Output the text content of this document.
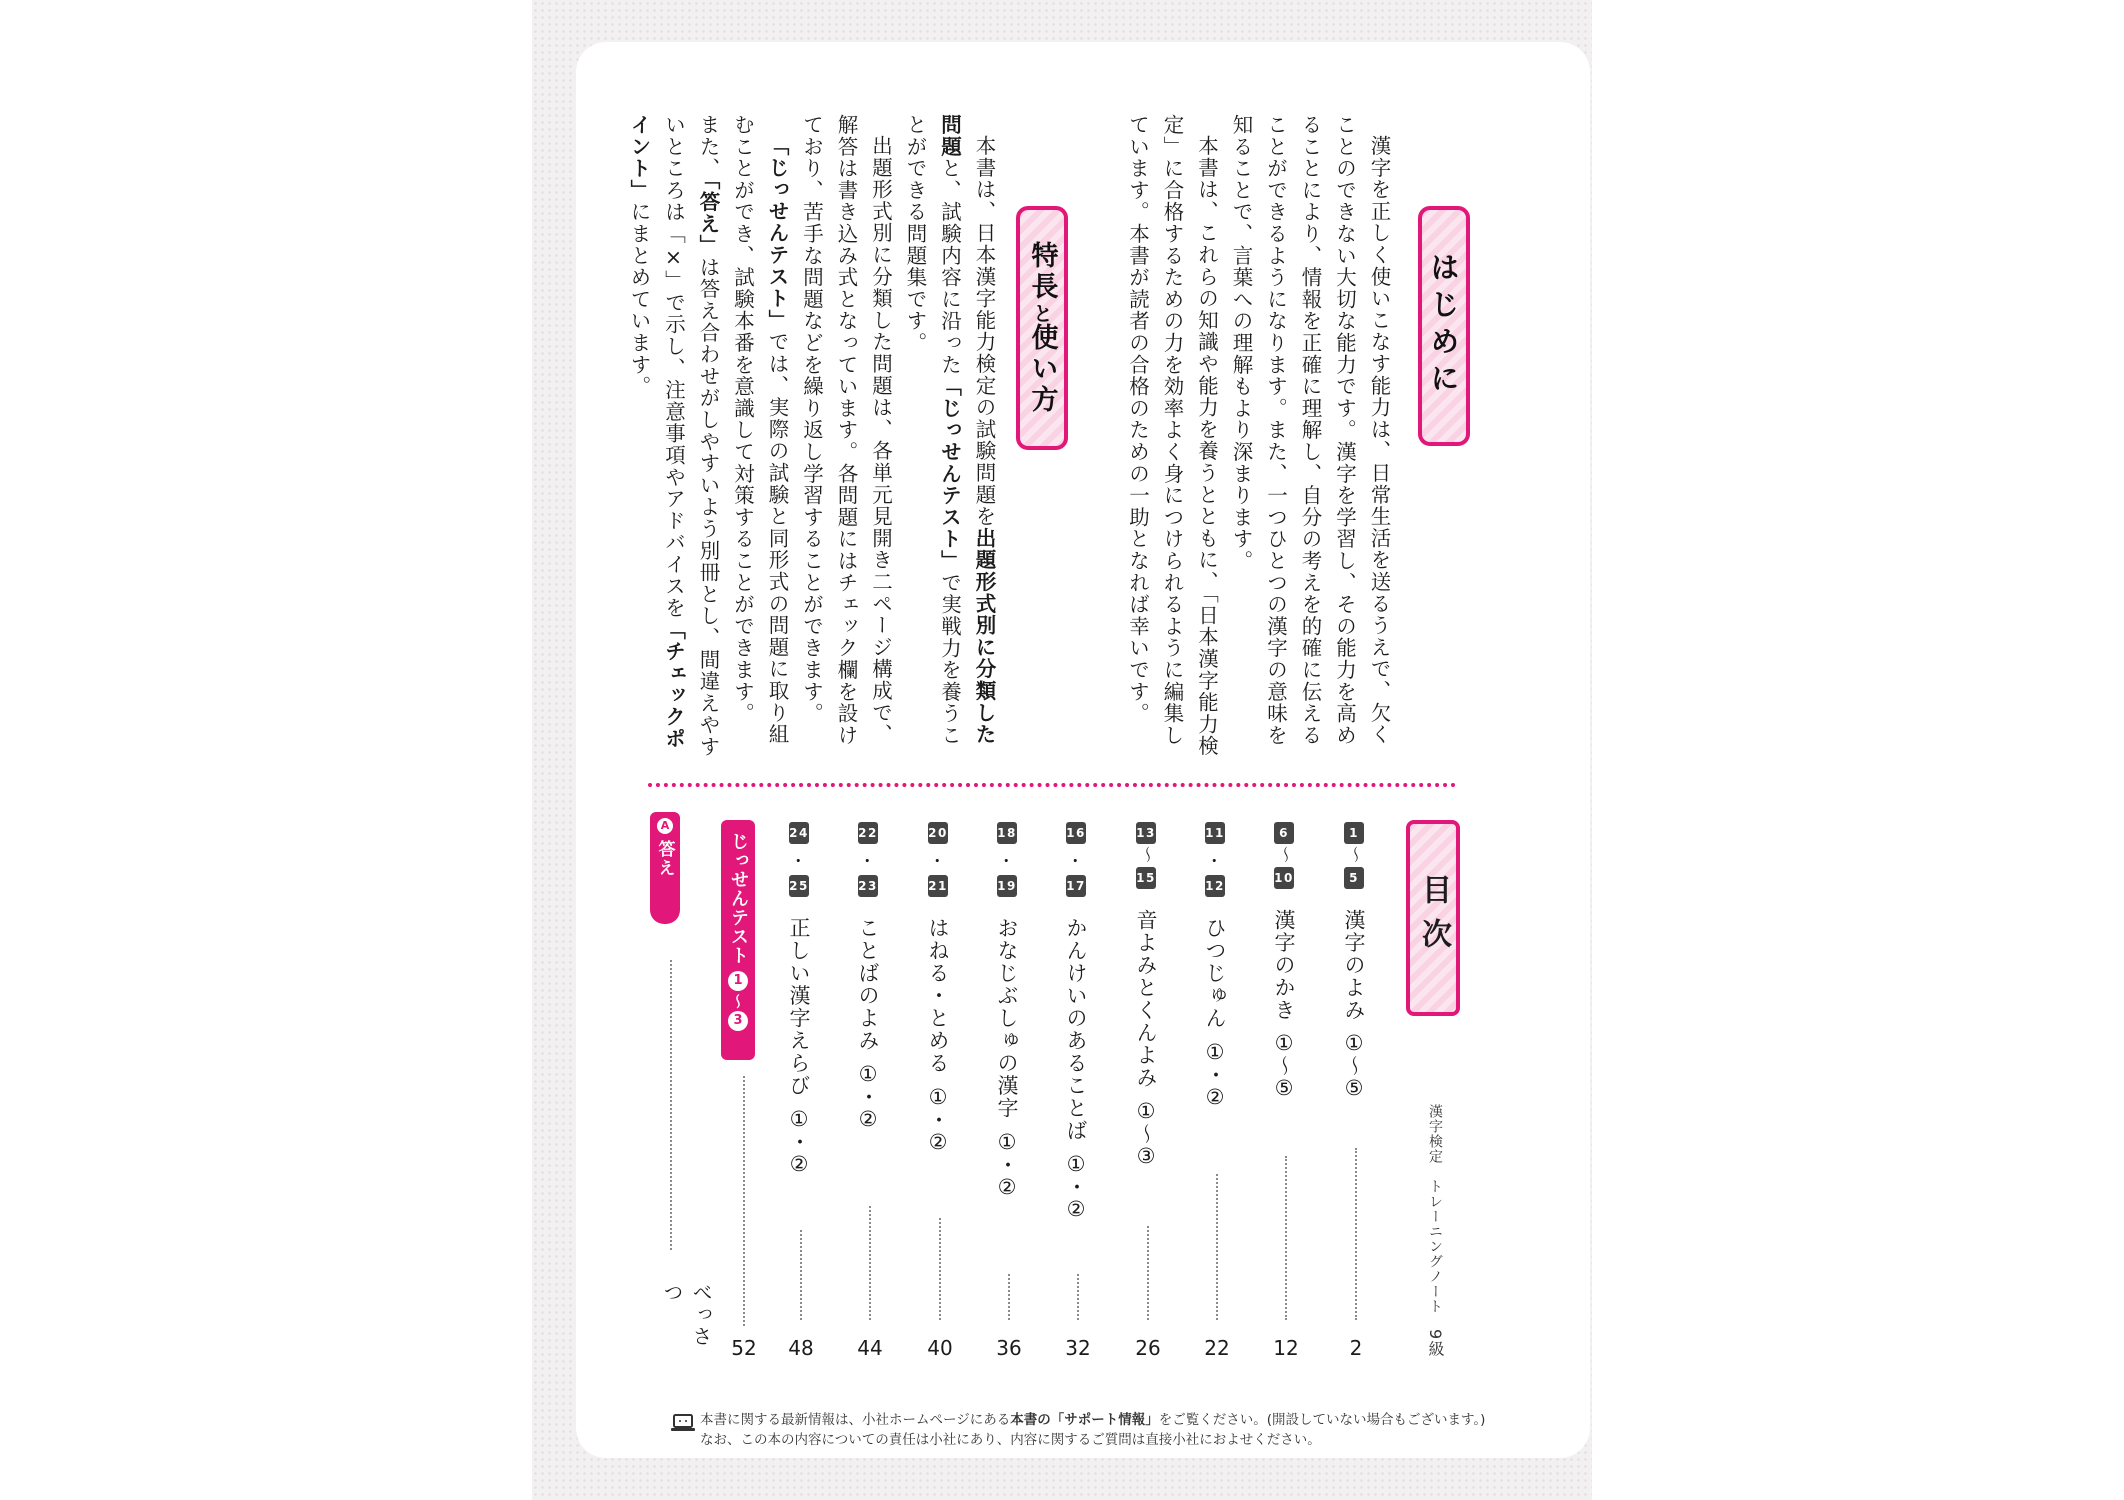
はじめに

漢字を正しく使いこなす能力は、日常生活を送るうえで、欠くことのできない大切な能力です。漢字を学習し、その能力を高めることにより、情報を正確に理解し、自分の考えを的確に伝えることができるようになります。また、一つひとつの漢字の意味を知ることで、言葉への理解もより深まります。

本書は、これらの知識や能力を養うとともに、「日本漢字能力検定」に合格するための力を効率よく身につけられるように編集しています。本書が読者の合格のための一助となれば幸いです。

特長と使い方

本書は、日本漢字能力検定の試験問題を出題形式別に分類した問題と、試験内容に沿った「じっせんテスト」で実戦力を養うことができる問題集です。

出題形式別に分類した問題は、各単元見開き二ページ構成で、解答は書き込み式となっています。各問題にはチェック欄を設けており、苦手な問題などを繰り返し学習することができます。

「じっせんテスト」では、実際の試験と同形式の問題に取り組むことができ、試験本番を意識して対策することができます。

また、「答え」は答え合わせがしやすいよう別冊とし、間違えやすいところは「×」で示し、注意事項やアドバイスを「チェックポイント」にまとめています。

目次
漢字検定　トレーニングノート　9級
1
〜
5
漢字のよみ
①〜⑤
2
6
〜
10
漢字のかき
①〜⑤
12
11
・
12
ひつじゅん
①・②
22
13
〜
15
音よみとくんよみ
①〜③
26
16
・
17
かんけいのあることば
①・②
32
18
・
19
おなじぶしゅの漢字
①・②
36
20
・
21
はねる・とめる
①・②
40
22
・
23
ことばのよみ
①・②
44
24
・
25
正しい漢字えらび
①・②
48
じっせんテスト
1
〜
3
52
A
答え
べっさつ
本書に関する最新情報は、小社ホームページにある本書の「サポート情報」をご覧ください。(開設していない場合もございます。)
なお、この本の内容についての責任は小社にあり、内容に関するご質問は直接小社におよせください。
